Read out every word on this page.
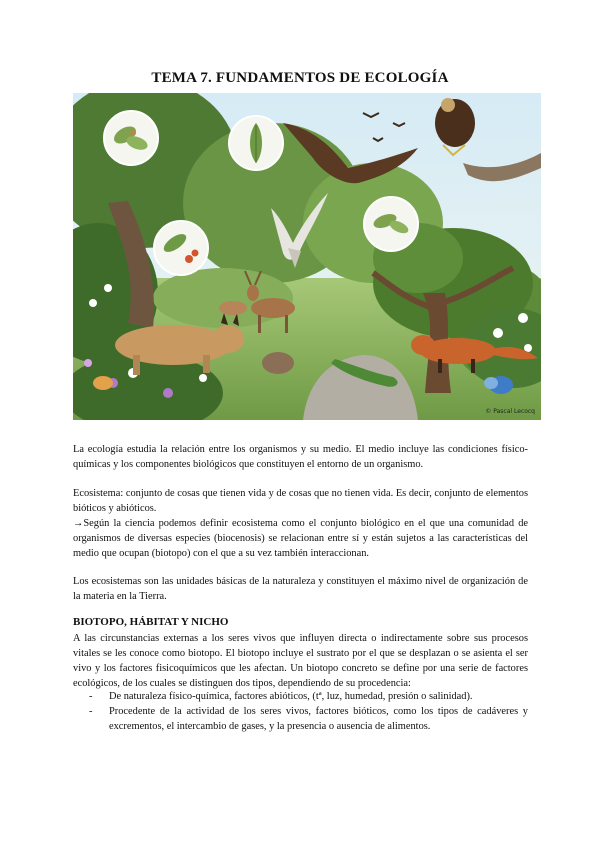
TEMA 7. FUNDAMENTOS DE ECOLOGÍA
© Pascal Lecocq

La ecología estudia la relación entre los organismos y su medio. El medio incluye las condiciones físico-químicas y los componentes biológicos que constituyen el entorno de un organismo.

Ecosistema: conjunto de cosas que tienen vida y de cosas que no tienen vida. Es decir, conjunto de elementos bióticos y abióticos.

→Según la ciencia podemos definir ecosistema como el conjunto biológico en el que una comunidad de organismos de diversas especies (biocenosis) se relacionan entre sí y están sujetos a las características del medio que ocupan (biotopo) con el que a su vez también interaccionan.

Los ecosistemas son las unidades básicas de la naturaleza y constituyen el máximo nivel de organización de la materia en la Tierra.

BIOTOPO, HÁBITAT Y NICHO

A las circunstancias externas a los seres vivos que influyen directa o indirectamente sobre sus procesos vitales se les conoce como biotopo. El biotopo incluye el sustrato por el que se desplazan o se asienta el ser vivo y los factores fisicoquímicos que les afectan. Un biotopo concreto se define por una serie de factores ecológicos, de los cuales se distinguen dos tipos, dependiendo de su procedencia:

- De naturaleza físico-química, factores abióticos, (tª, luz, humedad, presión o salinidad).
- Procedente de la actividad de los seres vivos, factores bióticos, como los tipos de cadáveres y excrementos, el intercambio de gases, y la presencia o ausencia de alimentos.
